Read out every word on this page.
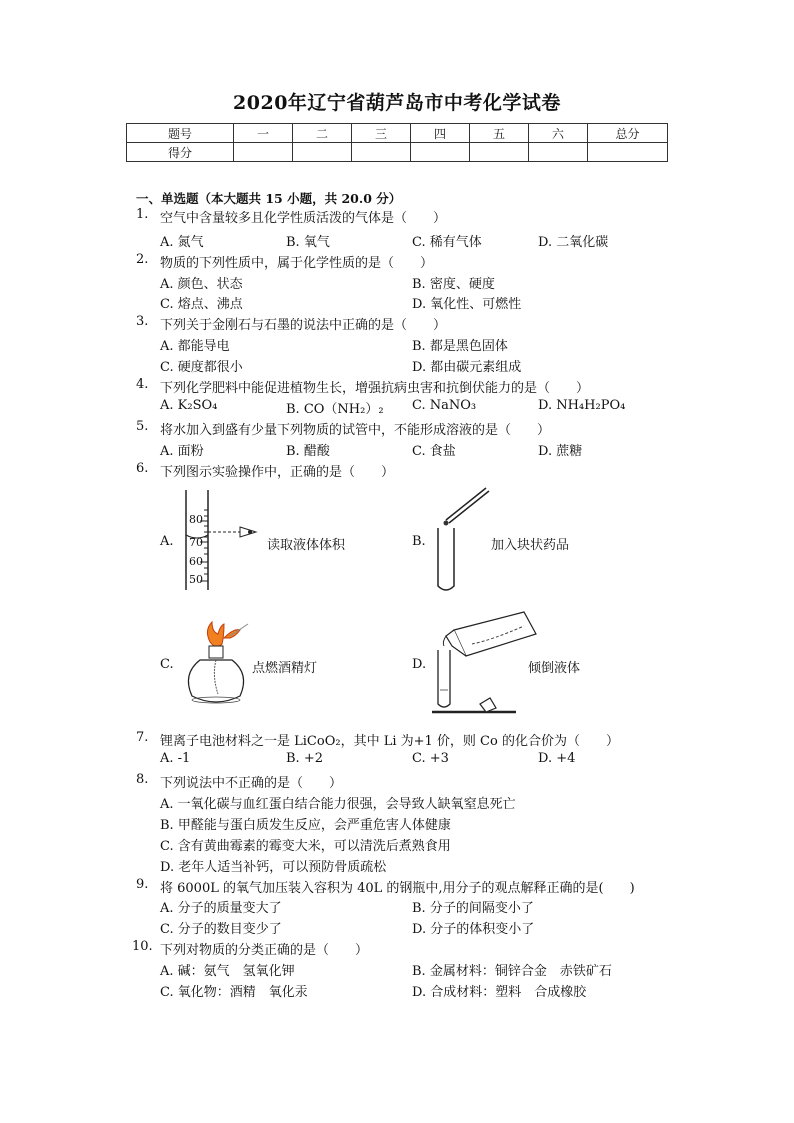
2020年辽宁省葫芦岛市中考化学试卷
题号	一	二	三	四	五	六	总分
得分							
一、单选题（本大题共 15 小题，共 20.0 分）
1. 空气中含量较多且化学性质活泼的气体是（　　）
A. 氮气	B. 氧气	C. 稀有气体	D. 二氧化碳
2. 物质的下列性质中，属于化学性质的是（　　）
A. 颜色、状态	B. 密度、硬度
C. 熔点、沸点	D. 氧化性、可燃性
3. 下列关于金刚石与石墨的说法中正确的是（　　）
A. 都能导电	B. 都是黑色固体
C. 硬度都很小	D. 都由碳元素组成
4. 下列化学肥料中能促进植物生长，增强抗病虫害和抗倒伏能力的是（　　）
A. K₂SO₄	B. CO（NH₂）₂ C. NaNO₃	D. NH₄H₂PO₄
5. 将水加入到盛有少量下列物质的试管中，不能形成溶液的是（　　）
A. 面粉	B. 醋酸	C. 食盐	D. 蔗糖
6. 下列图示实验操作中，正确的是（　　）
A.
80
70
60
50
读取液体体积	B.	加入块状药品
C.	点燃酒精灯	D.	倾倒液体
7. 锂离子电池材料之一是 LiCoO₂，其中 Li 为+1 价，则 Co 的化合价为（　　）
A. -1	B. +2	C. +3	D. +4
8. 下列说法中不正确的是（　　）
A. 一氧化碳与血红蛋白结合能力很强，会导致人缺氧窒息死亡
B. 甲醛能与蛋白质发生反应，会严重危害人体健康
C. 含有黄曲霉素的霉变大米，可以清洗后煮熟食用
D. 老年人适当补钙，可以预防骨质疏松
9. 将 6000L 的氧气加压装入容积为 40L 的钢瓶中,用分子的观点解释正确的是(　　)
A. 分子的质量变大了	B. 分子的间隔变小了
C. 分子的数目变少了	D. 分子的体积变小了
10. 下列对物质的分类正确的是（　　）
A. 碱：氨气　氢氧化钾	B. 金属材料：铜锌合金　赤铁矿石
C. 氧化物：酒精　氧化汞	D. 合成材料：塑料　合成橡胶
